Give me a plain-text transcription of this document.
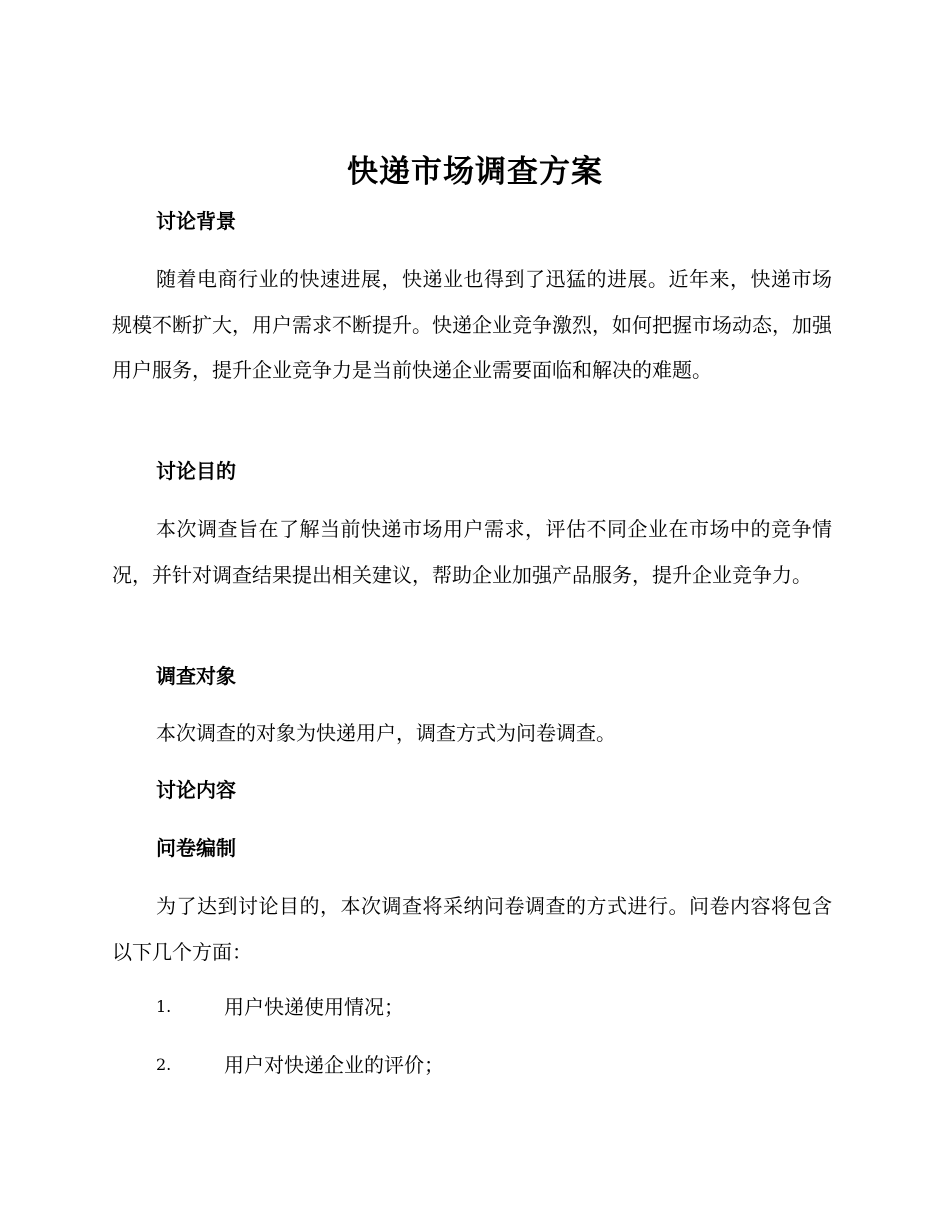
快递市场调查方案
讨论背景

随着电商行业的快速进展，快递业也得到了迅猛的进展。近年来，快递市场规模不断扩大，用户需求不断提升。快递企业竞争激烈，如何把握市场动态，加强用户服务，提升企业竞争力是当前快递企业需要面临和解决的难题。

讨论目的

本次调查旨在了解当前快递市场用户需求，评估不同企业在市场中的竞争情况，并针对调查结果提出相关建议，帮助企业加强产品服务，提升企业竞争力。

调查对象

本次调查的对象为快递用户，调查方式为问卷调查。

讨论内容
问卷编制

为了达到讨论目的，本次调查将采纳问卷调查的方式进行。问卷内容将包含以下几个方面：

1.	用户快递使用情况；
2.	用户对快递企业的评价；
